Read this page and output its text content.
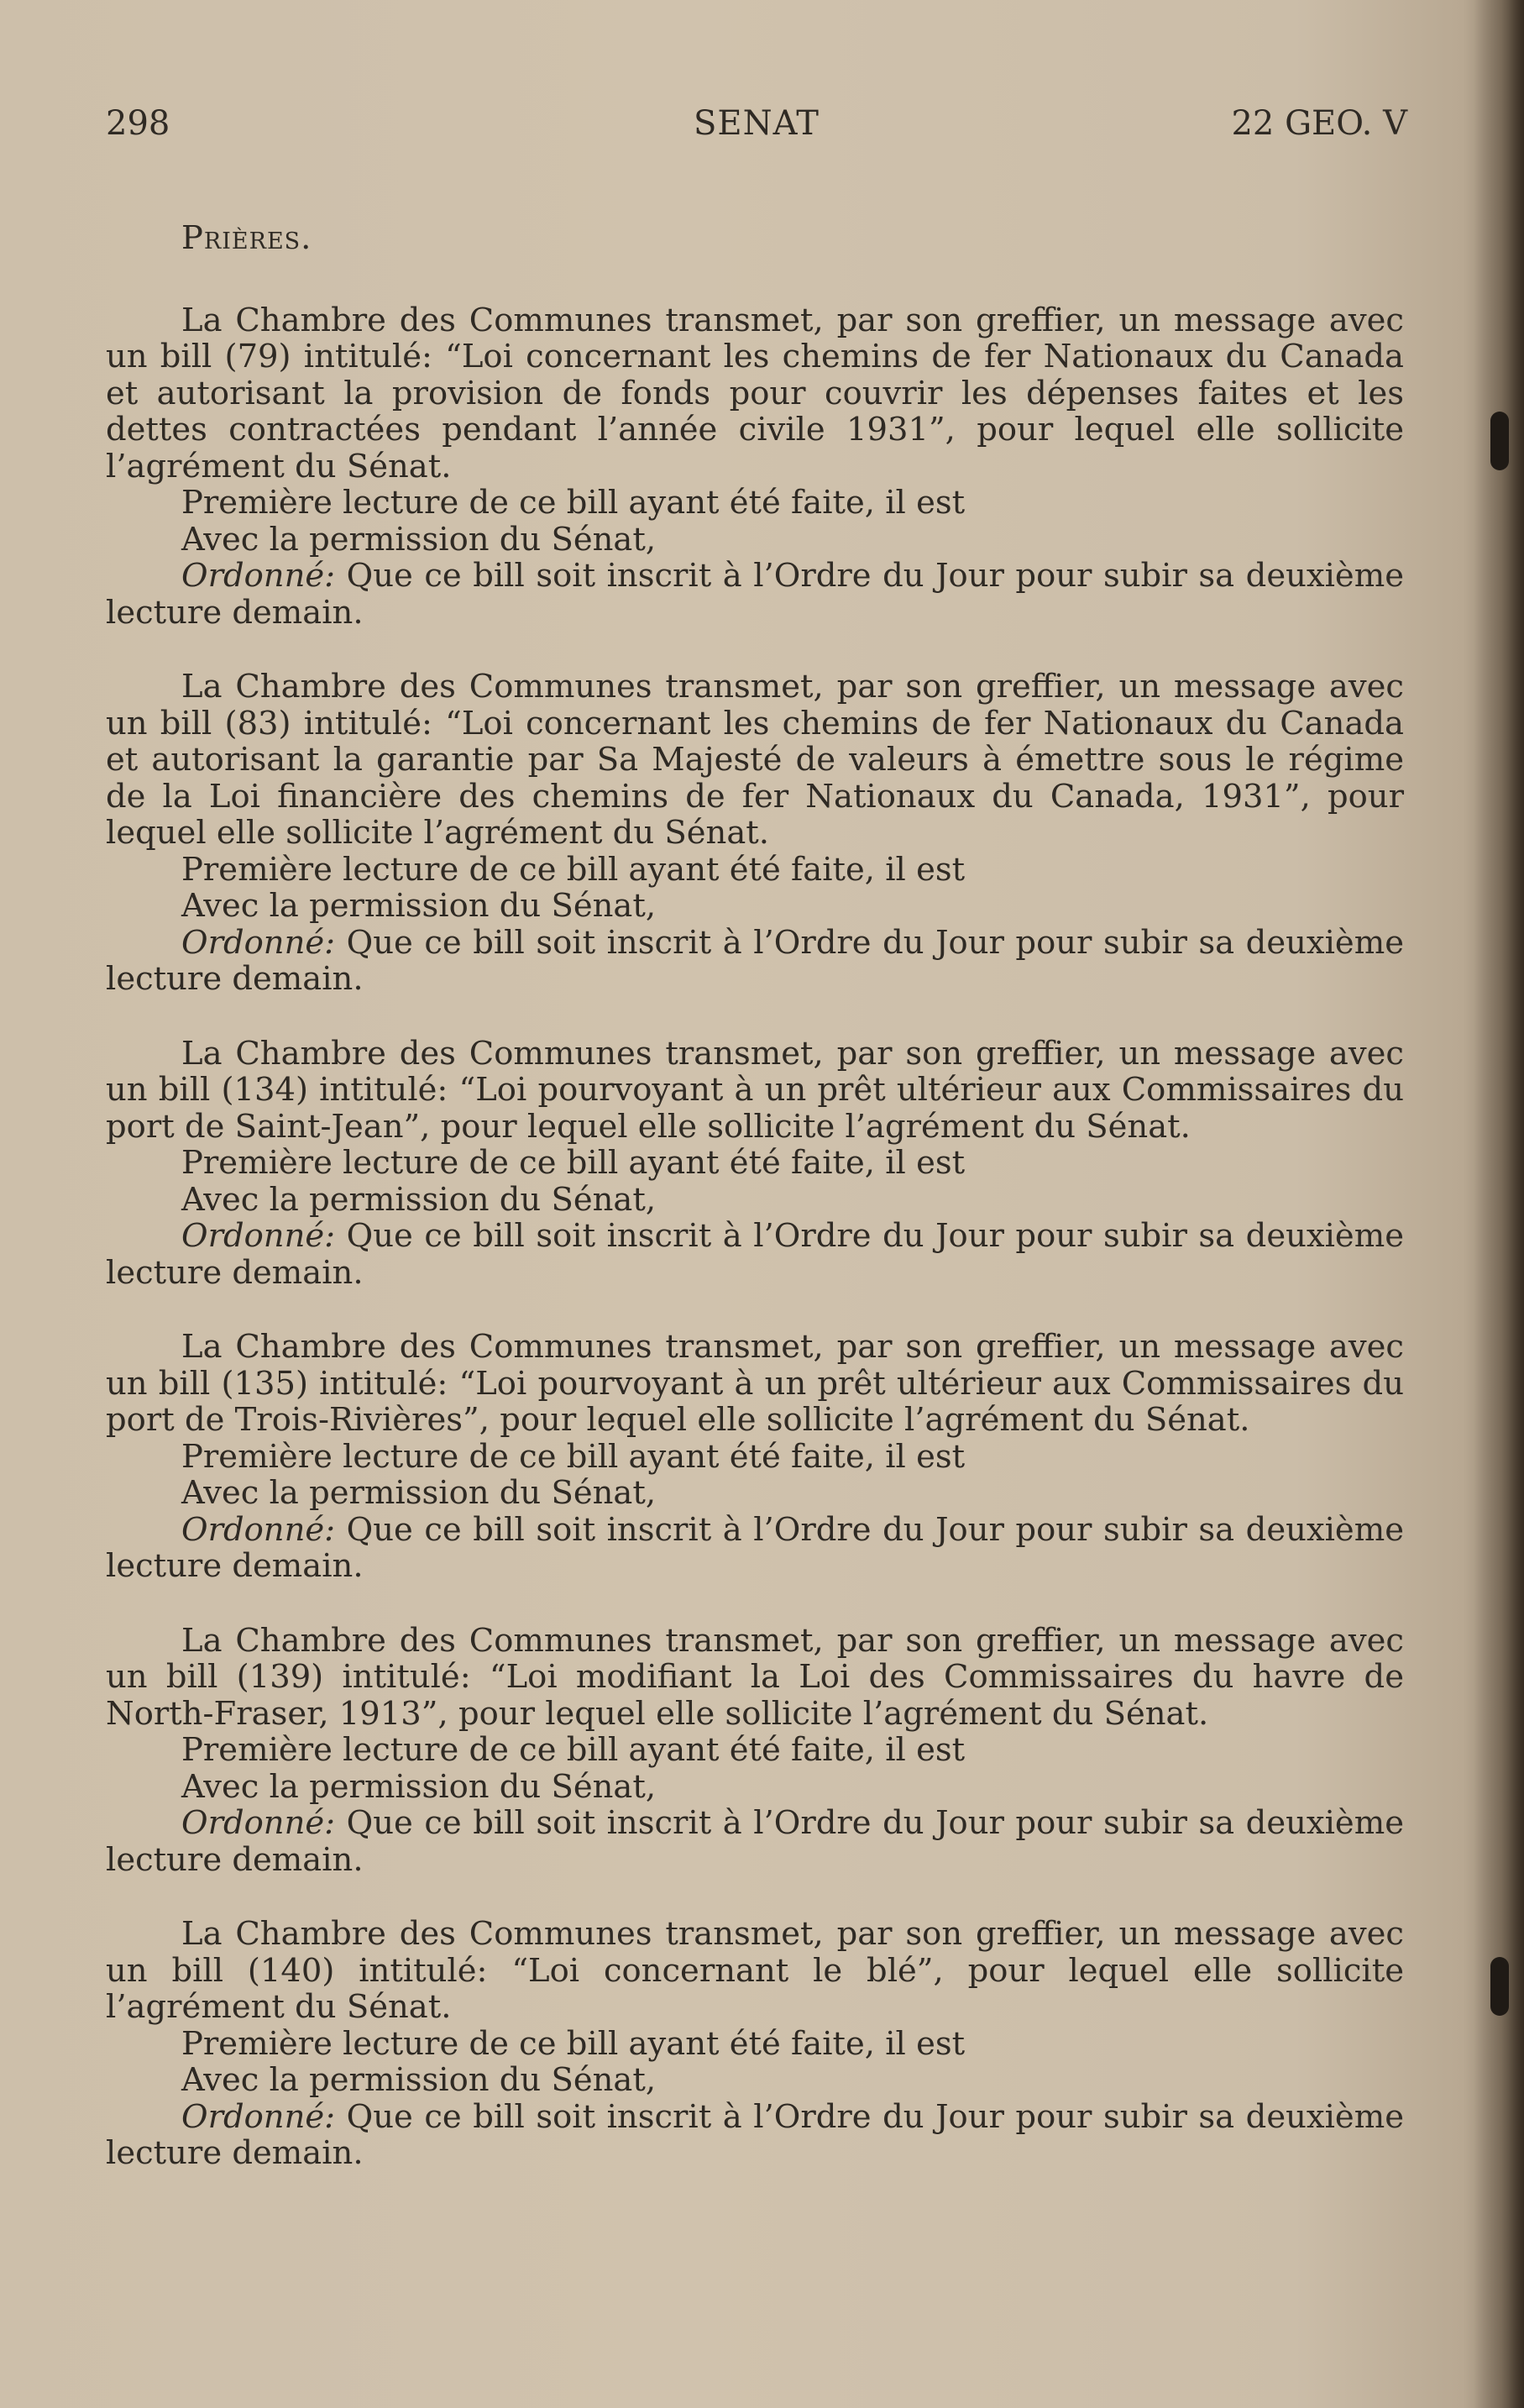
298	SENAT	22 GEO. V
Prières.

La Chambre des Communes transmet, par son greffier, un message avec un bill (79) intitulé: “Loi concernant les chemins de fer Nationaux du Canada et autorisant la provision de fonds pour couvrir les dépenses faites et les dettes contractées pendant l’année civile 1931”, pour lequel elle sollicite l’agrément du Sénat.

Première lecture de ce bill ayant été faite, il est

Avec la permission du Sénat,

Ordonné: Que ce bill soit inscrit à l’Ordre du Jour pour subir sa deuxième lecture demain.

La Chambre des Communes transmet, par son greffier, un message avec un bill (83) intitulé: “Loi concernant les chemins de fer Nationaux du Canada et autorisant la garantie par Sa Majesté de valeurs à émettre sous le régime de la Loi financière des chemins de fer Nationaux du Canada, 1931”, pour lequel elle sollicite l’agrément du Sénat.

Première lecture de ce bill ayant été faite, il est

Avec la permission du Sénat,

Ordonné: Que ce bill soit inscrit à l’Ordre du Jour pour subir sa deuxième lecture demain.

La Chambre des Communes transmet, par son greffier, un message avec un bill (134) intitulé: “Loi pourvoyant à un prêt ultérieur aux Commissaires du port de Saint-Jean”, pour lequel elle sollicite l’agrément du Sénat.

Première lecture de ce bill ayant été faite, il est

Avec la permission du Sénat,

Ordonné: Que ce bill soit inscrit à l’Ordre du Jour pour subir sa deuxième lecture demain.

La Chambre des Communes transmet, par son greffier, un message avec un bill (135) intitulé: “Loi pourvoyant à un prêt ultérieur aux Commissaires du port de Trois-Rivières”, pour lequel elle sollicite l’agrément du Sénat.

Première lecture de ce bill ayant été faite, il est

Avec la permission du Sénat,

Ordonné: Que ce bill soit inscrit à l’Ordre du Jour pour subir sa deuxième lecture demain.

La Chambre des Communes transmet, par son greffier, un message avec un bill (139) intitulé: “Loi modifiant la Loi des Commissaires du havre de North-Fraser, 1913”, pour lequel elle sollicite l’agrément du Sénat.

Première lecture de ce bill ayant été faite, il est

Avec la permission du Sénat,

Ordonné: Que ce bill soit inscrit à l’Ordre du Jour pour subir sa deuxième lecture demain.

La Chambre des Communes transmet, par son greffier, un message avec un bill (140) intitulé: “Loi concernant le blé”, pour lequel elle sollicite l’agrément du Sénat.

Première lecture de ce bill ayant été faite, il est

Avec la permission du Sénat,

Ordonné: Que ce bill soit inscrit à l’Ordre du Jour pour subir sa deuxième lecture demain.
